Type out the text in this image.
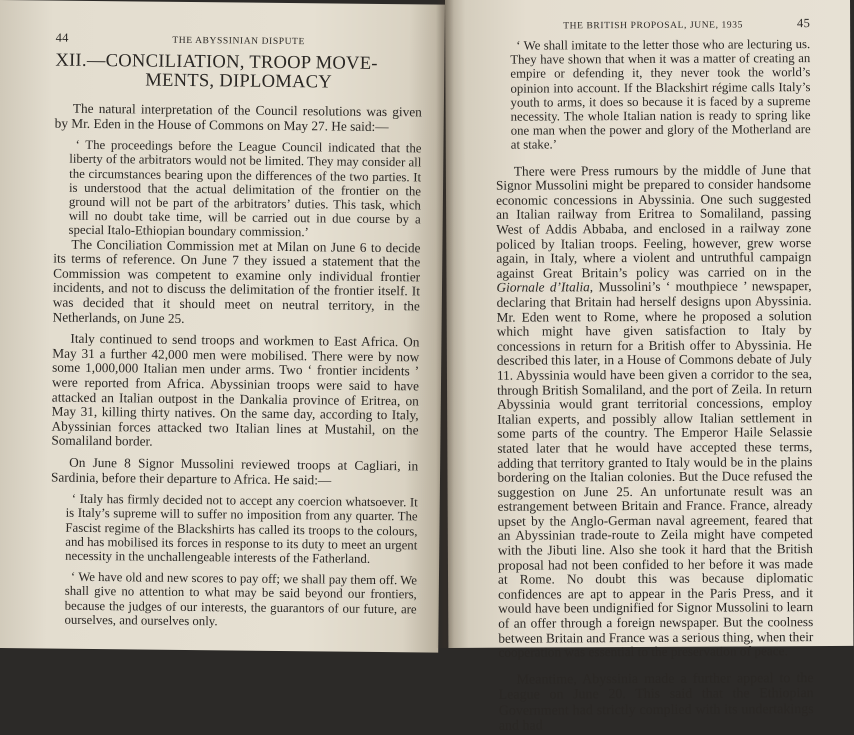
44	THE ABYSSINIAN DISPUTE
XII.—CONCILIATION, TROOP MOVE-
MENTS, DIPLOMACY

The natural interpretation of the Council resolutions was given by Mr. Eden in the House of Commons on May 27. He said:—

‘ The proceedings before the League Council indicated that the liberty of the arbitrators would not be limited. They may consider all the circumstances bearing upon the differences of the two parties. It is understood that the actual delimitation of the frontier on the ground will not be part of the arbitrators’ duties. This task, which will no doubt take time, will be carried out in due course by a special Italo-Ethiopian boundary commission.’

The Conciliation Commission met at Milan on June 6 to decide its terms of reference. On June 7 they issued a statement that the Commission was competent to examine only individual frontier incidents, and not to discuss the delimitation of the frontier itself. It was decided that it should meet on neutral territory, in the Netherlands, on June 25.

Italy continued to send troops and workmen to East Africa. On May 31 a further 42,000 men were mobilised. There were by now some 1,000,000 Italian men under arms. Two ‘ frontier incidents ’ were reported from Africa. Abyssinian troops were said to have attacked an Italian outpost in the Dankalia province of Eritrea, on May 31, killing thirty natives. On the same day, according to Italy, Abyssinian forces attacked two Italian lines at Mustahil, on the Somaliland border.

On June 8 Signor Mussolini reviewed troops at Cagliari, in Sardinia, before their departure to Africa. He said:—

‘ Italy has firmly decided not to accept any coercion whatsoever. It is Italy’s supreme will to suffer no imposition from any quarter. The Fascist regime of the Blackshirts has called its troops to the colours, and has mobilised its forces in response to its duty to meet an urgent necessity in the unchallengeable interests of the Fatherland.

‘ We have old and new scores to pay off; we shall pay them off. We shall give no attention to what may be said beyond our frontiers, because the judges of our interests, the guarantors of our future, are ourselves, and ourselves only.

THE BRITISH PROPOSAL, JUNE, 1935	45

‘ We shall imitate to the letter those who are lecturing us. They have shown that when it was a matter of creating an empire or defending it, they never took the world’s opinion into account. If the Blackshirt régime calls Italy’s youth to arms, it does so because it is faced by a supreme necessity. The whole Italian nation is ready to spring like one man when the power and glory of the Motherland are at stake.’

There were Press rumours by the middle of June that Signor Mussolini might be prepared to consider handsome economic concessions in Abyssinia. One such suggested an Italian railway from Eritrea to Somaliland, passing West of Addis Abbaba, and enclosed in a railway zone policed by Italian troops. Feeling, however, grew worse again, in Italy, where a violent and untruthful campaign against Great Britain’s policy was carried on in the Giornale d’Italia, Mussolini’s ‘ mouthpiece ’ newspaper, declaring that Britain had herself designs upon Abyssinia. Mr. Eden went to Rome, where he proposed a solution which might have given satisfaction to Italy by concessions in return for a British offer to Abyssinia. He described this later, in a House of Commons debate of July 11. Abyssinia would have been given a corridor to the sea, through British Somaliland, and the port of Zeila. In return Abyssinia would grant territorial concessions, employ Italian experts, and possibly allow Italian settlement in some parts of the country. The Emperor Haile Selassie stated later that he would have accepted these terms, adding that territory granted to Italy would be in the plains bordering on the Italian colonies. But the Duce refused the suggestion on June 25. An unfortunate result was an estrangement between Britain and France. France, already upset by the Anglo-German naval agreement, feared that an Abyssinian trade-route to Zeila might have competed with the Jibuti line. Also she took it hard that the British proposal had not been confided to her before it was made at Rome. No doubt this was because diplomatic confidences are apt to appear in the Paris Press, and it would have been undignified for Signor Mussolini to learn of an offer through a foreign newspaper. But the coolness between Britain and France was a serious thing, when their cooperation was essential to the preservation of peace.

Meantime, Abyssinia made a further appeal to the League on June 20. This said that the Ethiopian Government had strictly complied with its undertakings and had
